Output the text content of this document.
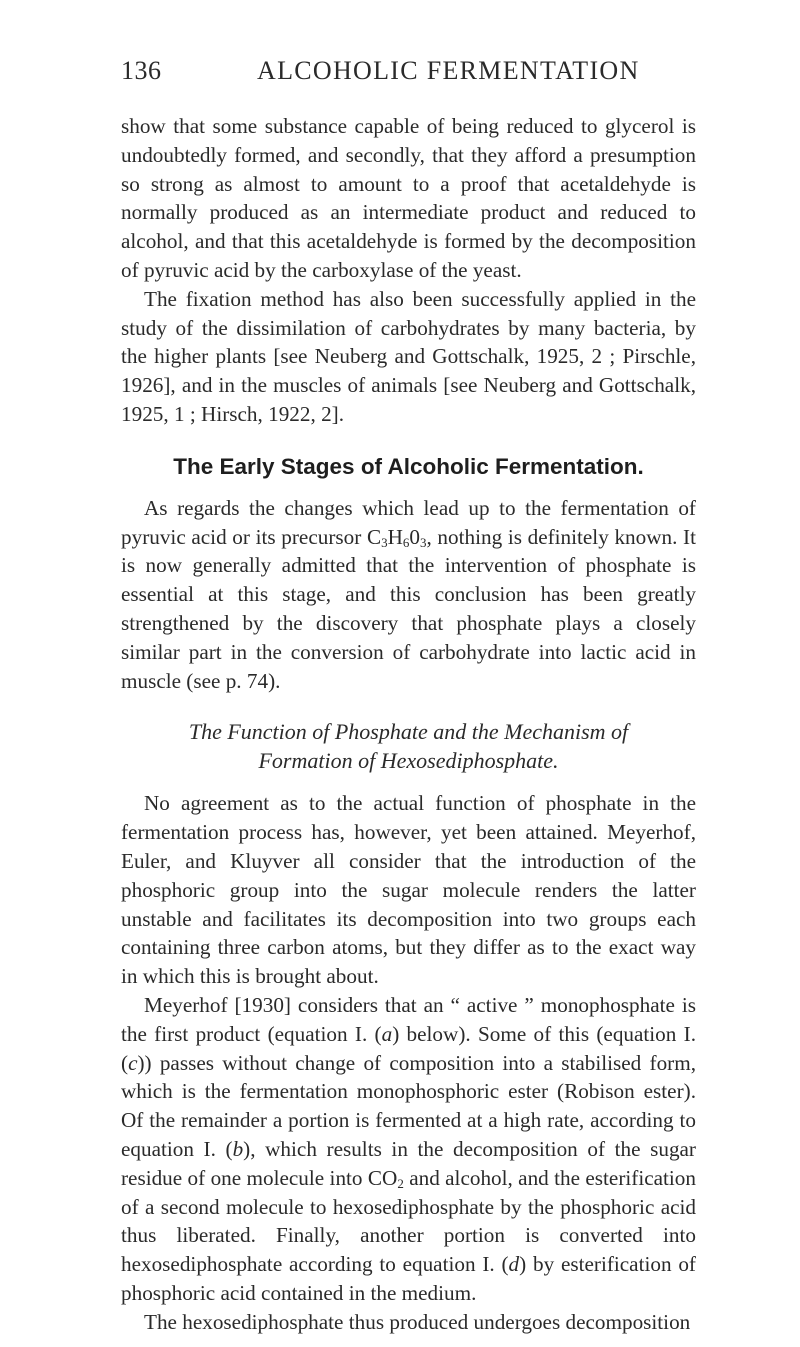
136	ALCOHOLIC FERMENTATION

show that some substance capable of being reduced to glycerol is undoubtedly formed, and secondly, that they afford a presumption so strong as almost to amount to a proof that acetaldehyde is normally produced as an intermediate product and reduced to alcohol, and that this acetaldehyde is formed by the decomposition of pyruvic acid by the carboxylase of the yeast.

The fixation method has also been successfully applied in the study of the dissimilation of carbohydrates by many bacteria, by the higher plants [see Neuberg and Gottschalk, 1925, 2 ; Pirschle, 1926], and in the muscles of animals [see Neuberg and Gottschalk, 1925, 1 ; Hirsch, 1922, 2].

The Early Stages of Alcoholic Fermentation.

As regards the changes which lead up to the fermentation of pyruvic acid or its precursor $C_3H_60_3$, nothing is definitely known. It is now generally admitted that the intervention of phosphate is essential at this stage, and this conclusion has been greatly strengthened by the discovery that phosphate plays a closely similar part in the conversion of carbohydrate into lactic acid in muscle (see p. 74).

The Function of Phosphate and the Mechanism of Formation of Hexosediphosphate.

No agreement as to the actual function of phosphate in the fermentation process has, however, yet been attained. Meyerhof, Euler, and Kluyver all consider that the introduction of the phosphoric group into the sugar molecule renders the latter unstable and facilitates its decomposition into two groups each containing three carbon atoms, but they differ as to the exact way in which this is brought about.

Meyerhof [1930] considers that an “ active ” monophosphate is the first product (equation I. (a) below). Some of this (equation I. (c)) passes without change of composition into a stabilised form, which is the fermentation monophosphoric ester (Robison ester). Of the remainder a portion is fermented at a high rate, according to equation I. (b), which results in the decomposition of the sugar residue of one molecule into $CO_2$ and alcohol, and the esterification of a second molecule to hexosediphosphate by the phosphoric acid thus liberated. Finally, another portion is converted into hexosediphosphate according to equation I. (d) by esterification of phosphoric acid contained in the medium.

The hexosediphosphate thus produced undergoes decomposition
